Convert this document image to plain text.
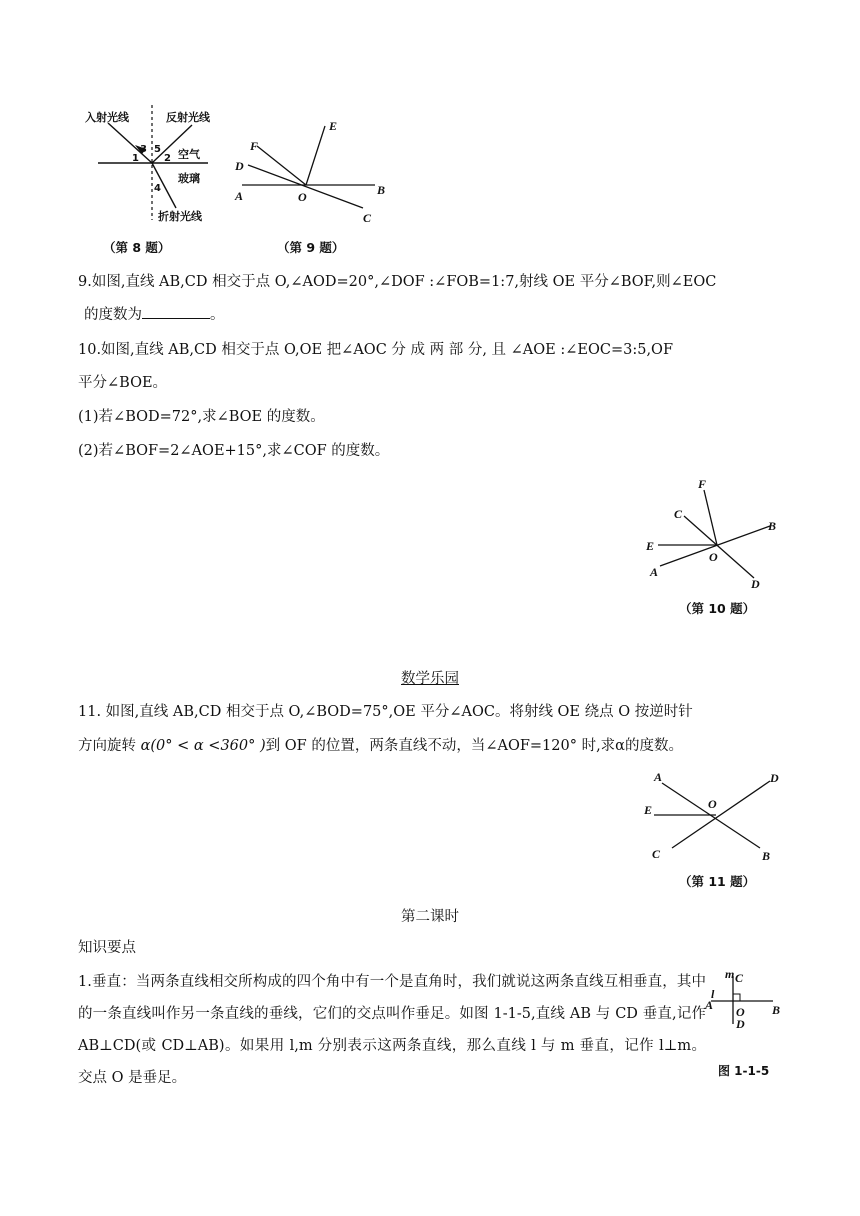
入射光线	反射光线
1
3 5
2 空气
4
玻璃
折射光线
（第 8 题）
E
F
D
A	O	B
C
（第 9 题）
9.如图,直线 AB,CD 相交于点 O,∠AOD=20°,∠DOF :∠FOB=1:7,射线 OE 平分∠BOF,则∠EOC
的度数为	。
10.如图,直线 AB,CD 相交于点 O,OE 把∠AOC 分 成 两 部 分, 且 ∠AOE :∠EOC=3:5,OF
平分∠BOE。
(1)若∠BOD=72°,求∠BOE 的度数。
(2)若∠BOF=2∠AOE+15°,求∠COF 的度数。
F
C
B
E
O
A
D
（第 10 题）
数学乐园
11. 如图,直线 AB,CD 相交于点 O,∠BOD=75°,OE 平分∠AOC。将射线 OE 绕点 O 按逆时针
方向旋转 α(0° < α <360° )到 OF 的位置，两条直线不动，当∠AOF=120° 时,求α的度数。
A	D
E	O
C	B
（第 11 题）
第二课时
知识要点
1.垂直：当两条直线相交所构成的四个角中有一个是直角时，我们就说这两条直线互相垂直，其中的一条直线叫作另一条直线的垂线，它们的交点叫作垂足。如图 1-1-5,直线 AB 与 CD 垂直,记作 AB⊥CD(或 CD⊥AB)。如果用 l,m 分别表示这两条直线，那么直线 l 与 m 垂直，记作 l⊥m。交点 O 是垂足。
m C
l
A O B
D
图 1-1-5
